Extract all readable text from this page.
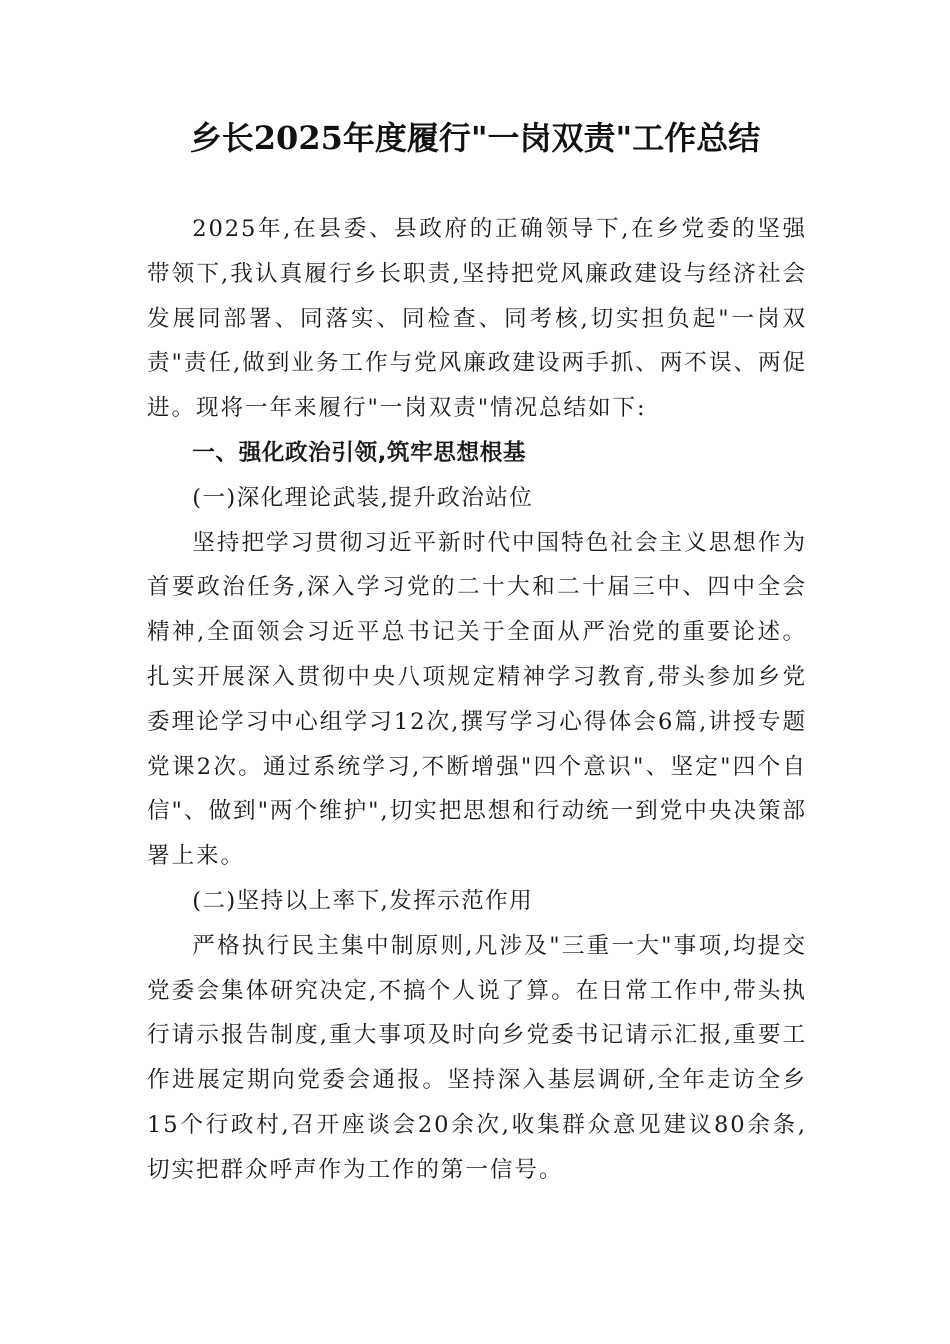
乡长2025年度履行"一岗双责"工作总结

2025年,在县委、县政府的正确领导下,在乡党委的坚强带领下,我认真履行乡长职责,坚持把党风廉政建设与经济社会发展同部署、同落实、同检查、同考核,切实担负起"一岗双责"责任,做到业务工作与党风廉政建设两手抓、两不误、两促进。现将一年来履行"一岗双责"情况总结如下:

一、强化政治引领,筑牢思想根基

(一)深化理论武装,提升政治站位

坚持把学习贯彻习近平新时代中国特色社会主义思想作为首要政治任务,深入学习党的二十大和二十届三中、四中全会精神,全面领会习近平总书记关于全面从严治党的重要论述。扎实开展深入贯彻中央八项规定精神学习教育,带头参加乡党委理论学习中心组学习12次,撰写学习心得体会6篇,讲授专题党课2次。通过系统学习,不断增强"四个意识"、坚定"四个自信"、做到"两个维护",切实把思想和行动统一到党中央决策部署上来。

(二)坚持以上率下,发挥示范作用

严格执行民主集中制原则,凡涉及"三重一大"事项,均提交党委会集体研究决定,不搞个人说了算。在日常工作中,带头执行请示报告制度,重大事项及时向乡党委书记请示汇报,重要工作进展定期向党委会通报。坚持深入基层调研,全年走访全乡15个行政村,召开座谈会20余次,收集群众意见建议80余条,切实把群众呼声作为工作的第一信号。
